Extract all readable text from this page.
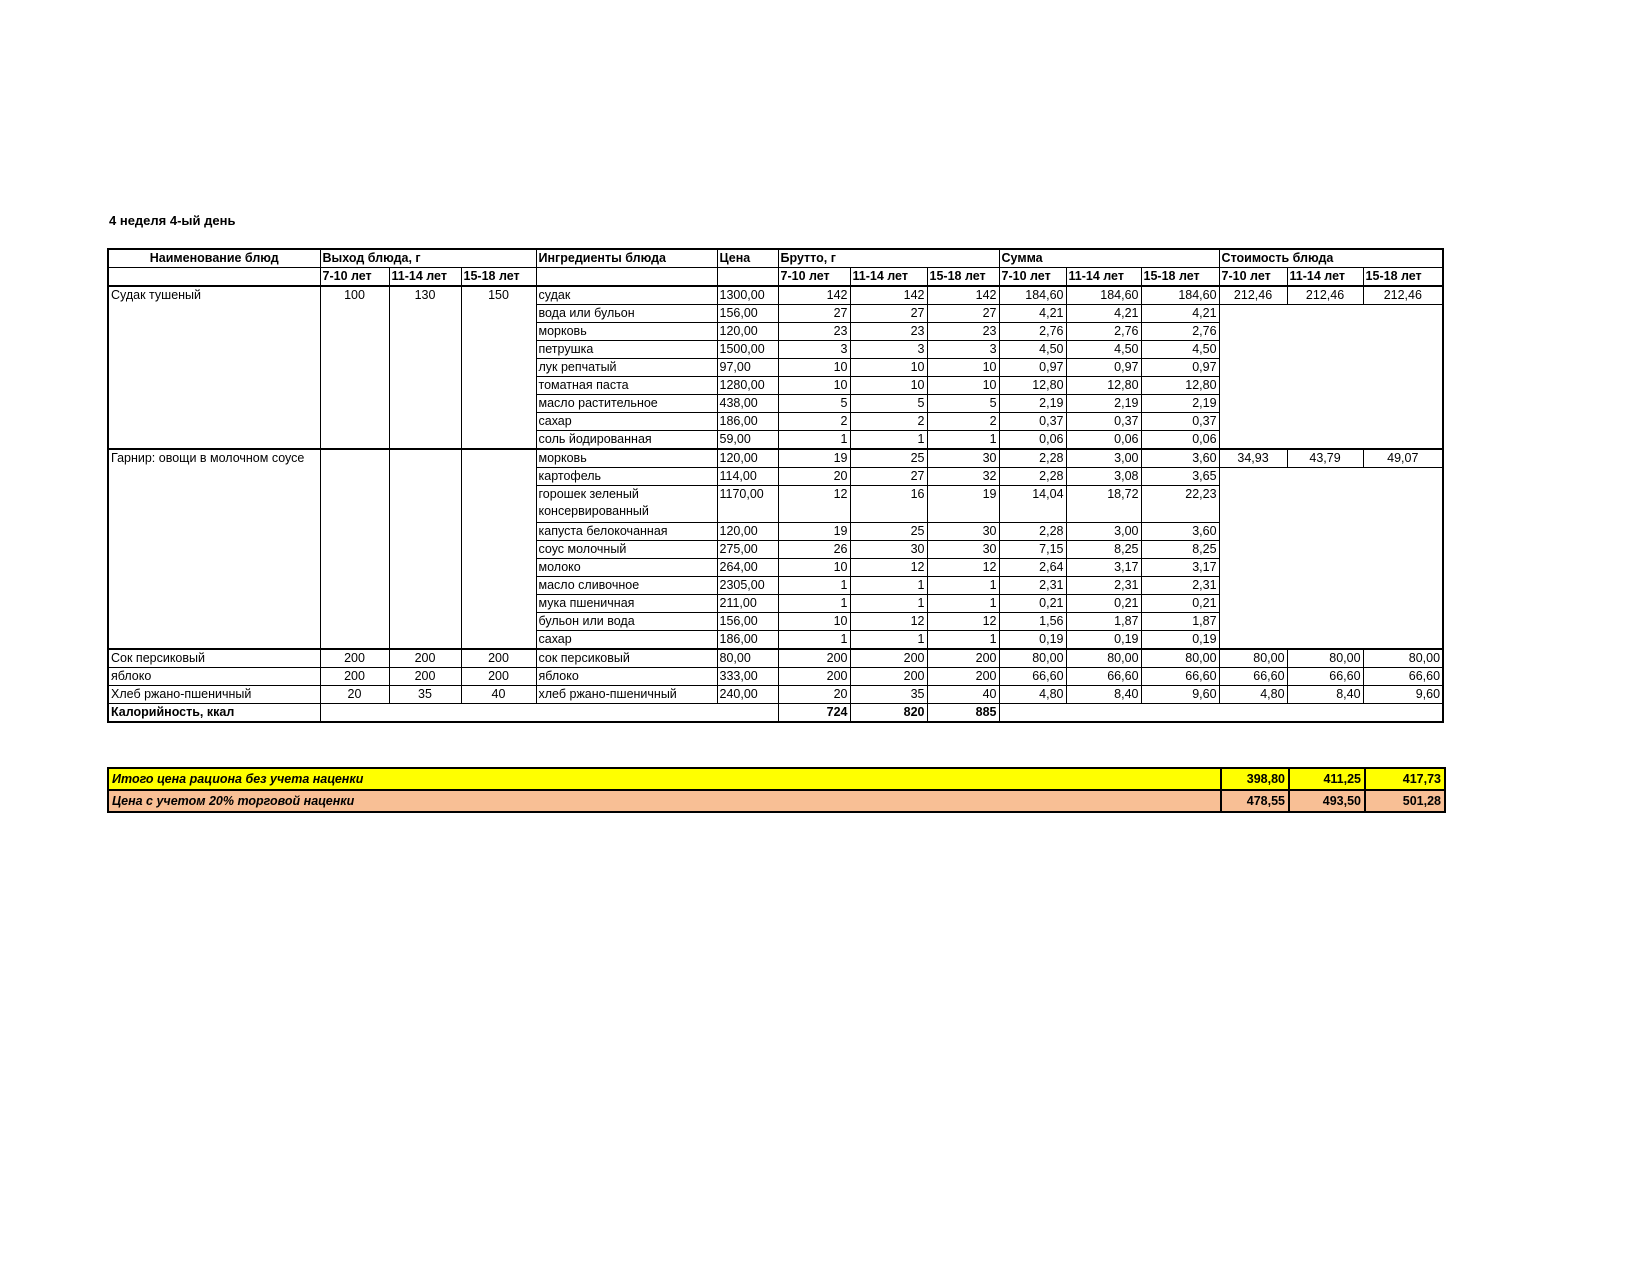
4 неделя 4-ый день
Наименование блюд	Выход блюда, г			Ингредиенты блюда	Цена	Брутто, г			Сумма			Стоимость блюда		
	7-10 лет	11-14 лет	15-18 лет			7-10 лет	11-14 лет	15-18 лет	7-10 лет	11-14 лет	15-18 лет	7-10 лет	11-14 лет	15-18 лет
Судак тушеный	100	130	150	судак	1300,00	142	142	142	184,60	184,60	184,60	212,46	212,46	212,46
				вода или бульон	156,00	27	27	27	4,21	4,21	4,21			
				морковь	120,00	23	23	23	2,76	2,76	2,76			
				петрушка	1500,00	3	3	3	4,50	4,50	4,50			
				лук репчатый	97,00	10	10	10	0,97	0,97	0,97			
				томатная паста	1280,00	10	10	10	12,80	12,80	12,80			
				масло растительное	438,00	5	5	5	2,19	2,19	2,19			
				сахар	186,00	2	2	2	0,37	0,37	0,37			
				соль йодированная	59,00	1	1	1	0,06	0,06	0,06			
Гарнир: овощи в молочном соусе				морковь	120,00	19	25	30	2,28	3,00	3,60	34,93	43,79	49,07
				картофель	114,00	20	27	32	2,28	3,08	3,65			
				горошек зеленый консервированный	1170,00	12	16	19	14,04	18,72	22,23			
				капуста белокочанная	120,00	19	25	30	2,28	3,00	3,60			
				соус молочный	275,00	26	30	30	7,15	8,25	8,25			
				молоко	264,00	10	12	12	2,64	3,17	3,17			
				масло сливочное	2305,00	1	1	1	2,31	2,31	2,31			
				мука пшеничная	211,00	1	1	1	0,21	0,21	0,21			
				бульон или вода	156,00	10	12	12	1,56	1,87	1,87			
				сахар	186,00	1	1	1	0,19	0,19	0,19			
Сок персиковый	200	200	200	сок персиковый	80,00	200	200	200	80,00	80,00	80,00	80,00	80,00	80,00
яблоко	200	200	200	яблоко	333,00	200	200	200	66,60	66,60	66,60	66,60	66,60	66,60
Хлеб ржано-пшеничный	20	35	40	хлеб ржано-пшеничный	240,00	20	35	40	4,80	8,40	9,60	4,80	8,40	9,60
Калорийность, ккал						724	820	885						
Итого цена рациона без учета наценки	398,80	411,25	417,73
Цена с учетом 20% торговой наценки	478,55	493,50	501,28
